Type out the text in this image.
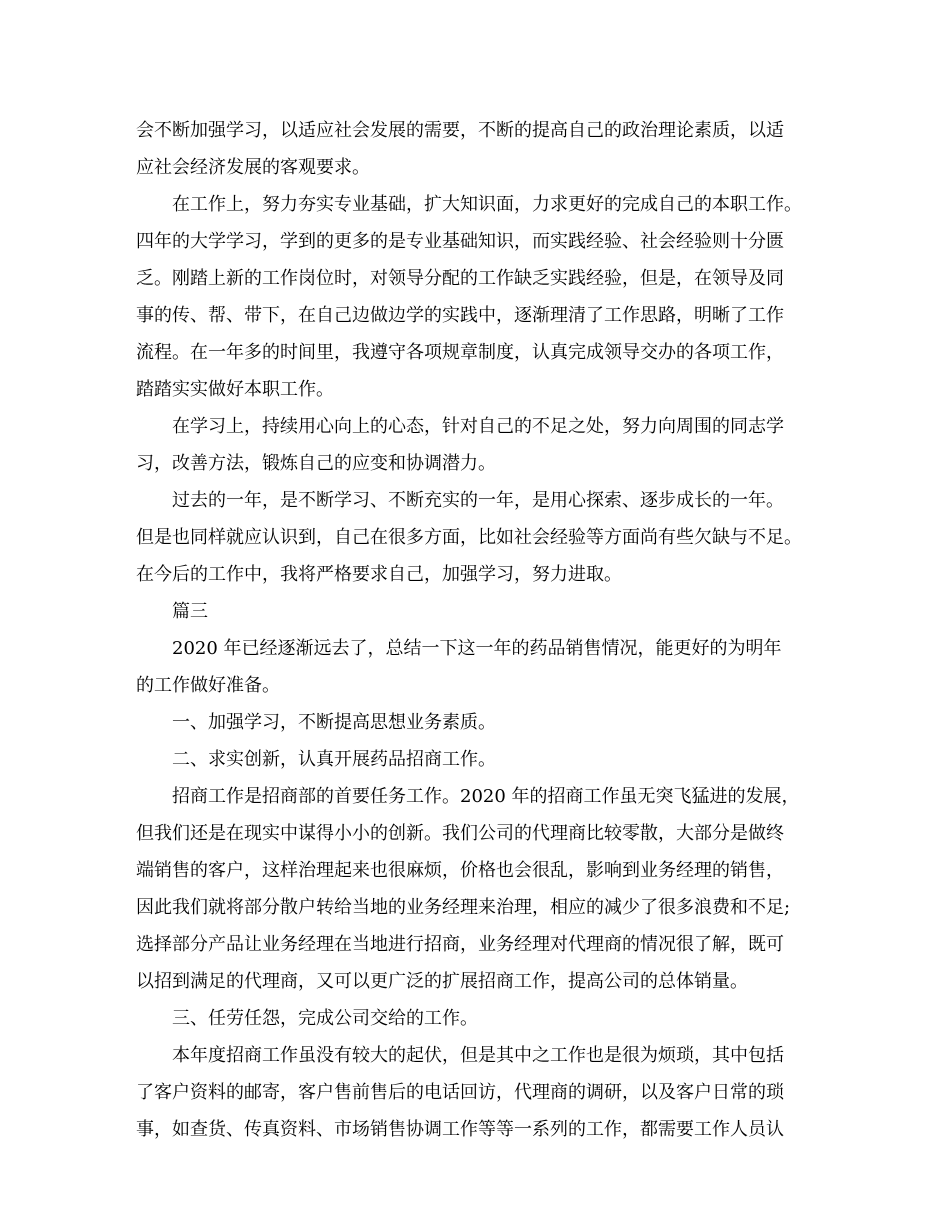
会不断加强学习，以适应社会发展的需要，不断的提高自己的政治理论素质，以适
应社会经济发展的客观要求。
在工作上，努力夯实专业基础，扩大知识面，力求更好的完成自己的本职工作。
四年的大学学习，学到的更多的是专业基础知识，而实践经验、社会经验则十分匮
乏。刚踏上新的工作岗位时，对领导分配的工作缺乏实践经验，但是，在领导及同
事的传、帮、带下，在自己边做边学的实践中，逐渐理清了工作思路，明晰了工作
流程。在一年多的时间里，我遵守各项规章制度，认真完成领导交办的各项工作，
踏踏实实做好本职工作。
在学习上，持续用心向上的心态，针对自己的不足之处，努力向周围的同志学
习，改善方法，锻炼自己的应变和协调潜力。
过去的一年，是不断学习、不断充实的一年，是用心探索、逐步成长的一年。
但是也同样就应认识到，自己在很多方面，比如社会经验等方面尚有些欠缺与不足。
在今后的工作中，我将严格要求自己，加强学习，努力进取。
篇三
2020 年已经逐渐远去了，总结一下这一年的药品销售情况，能更好的为明年
的工作做好准备。
一、加强学习，不断提高思想业务素质。
二、求实创新，认真开展药品招商工作。
招商工作是招商部的首要任务工作。2020 年的招商工作虽无突飞猛进的发展，
但我们还是在现实中谋得小小的创新。我们公司的代理商比较零散，大部分是做终
端销售的客户，这样治理起来也很麻烦，价格也会很乱，影响到业务经理的销售，
因此我们就将部分散户转给当地的业务经理来治理，相应的减少了很多浪费和不足;
选择部分产品让业务经理在当地进行招商，业务经理对代理商的情况很了解，既可
以招到满足的代理商，又可以更广泛的扩展招商工作，提高公司的总体销量。
三、任劳任怨，完成公司交给的工作。
本年度招商工作虽没有较大的起伏，但是其中之工作也是很为烦琐，其中包括
了客户资料的邮寄，客户售前售后的电话回访，代理商的调研，以及客户日常的琐
事，如查货、传真资料、市场销售协调工作等等一系列的工作，都需要工作人员认
